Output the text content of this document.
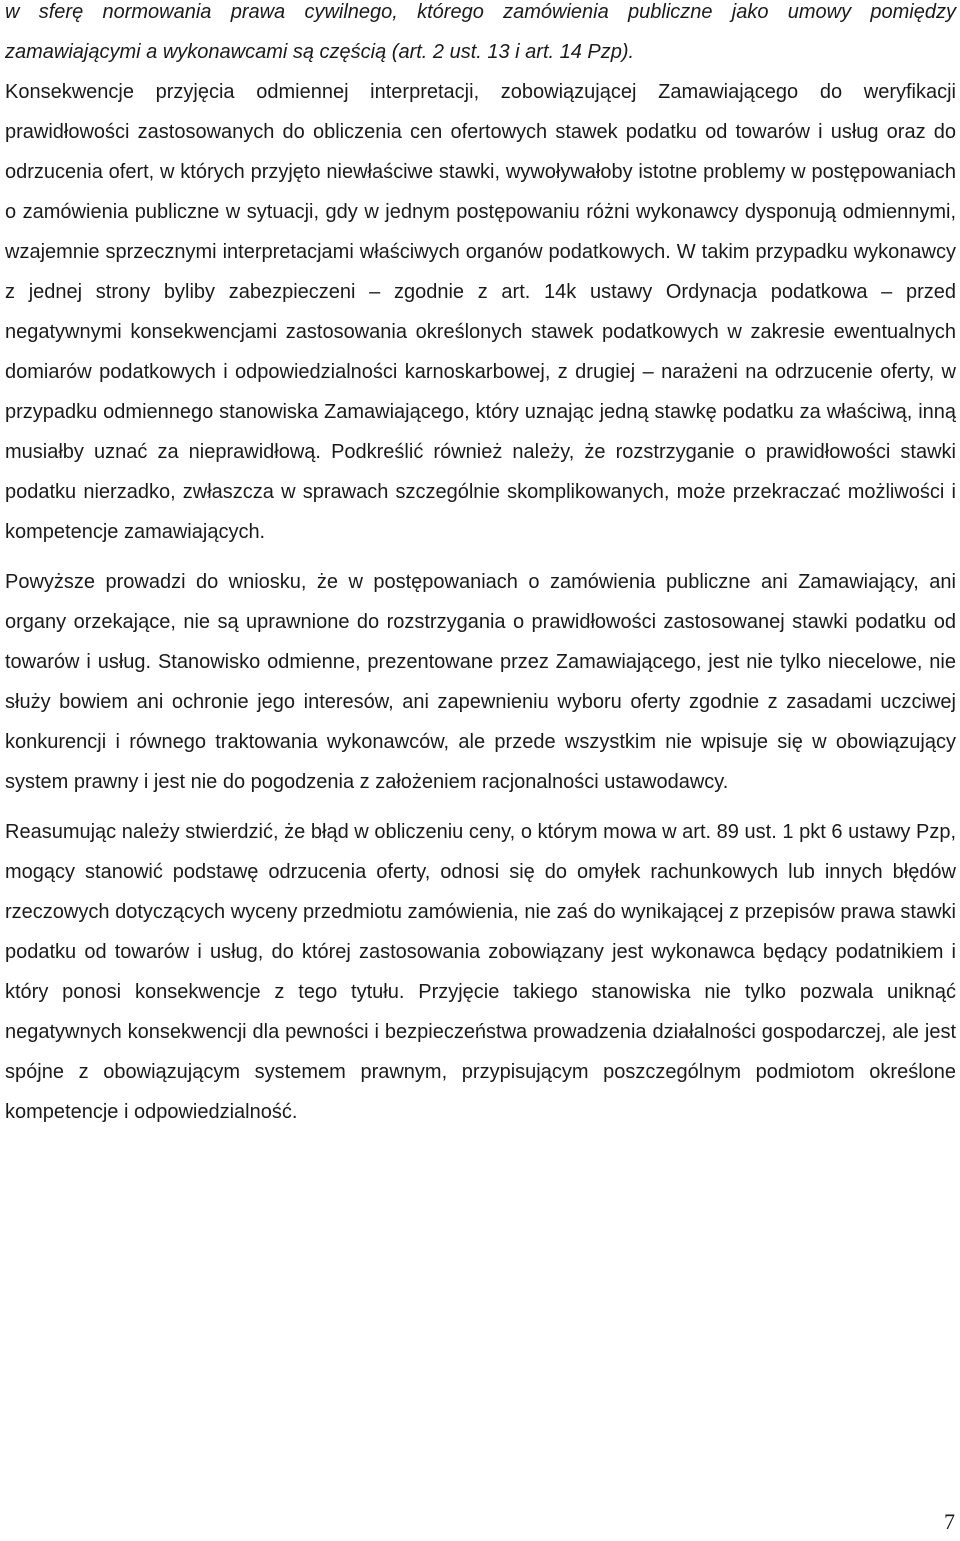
w sferę normowania prawa cywilnego, którego zamówienia publiczne jako umowy pomiędzy zamawiającymi a wykonawcami są częścią (art. 2 ust. 13 i art. 14 Pzp).

Konsekwencje przyjęcia odmiennej interpretacji, zobowiązującej Zamawiającego do weryfikacji prawidłowości zastosowanych do obliczenia cen ofertowych stawek podatku od towarów i usług oraz do odrzucenia ofert, w których przyjęto niewłaściwe stawki, wywoływałoby istotne problemy w postępowaniach o zamówienia publiczne w sytuacji, gdy w jednym postępowaniu różni wykonawcy dysponują odmiennymi, wzajemnie sprzecznymi interpretacjami właściwych organów podatkowych. W takim przypadku wykonawcy z jednej strony byliby zabezpieczeni – zgodnie z art. 14k ustawy Ordynacja podatkowa – przed negatywnymi konsekwencjami zastosowania określonych stawek podatkowych w zakresie ewentualnych domiarów podatkowych i odpowiedzialności karnoskarbowej, z drugiej – narażeni na odrzucenie oferty, w przypadku odmiennego stanowiska Zamawiającego, który uznając jedną stawkę podatku za właściwą, inną musiałby uznać za nieprawidłową. Podkreślić również należy, że rozstrzyganie o prawidłowości stawki podatku nierzadko, zwłaszcza w sprawach szczególnie skomplikowanych, może przekraczać możliwości i kompetencje zamawiających.

Powyższe prowadzi do wniosku, że w postępowaniach o zamówienia publiczne ani Zamawiający, ani organy orzekające, nie są uprawnione do rozstrzygania o prawidłowości zastosowanej stawki podatku od towarów i usług. Stanowisko odmienne, prezentowane przez Zamawiającego, jest nie tylko niecelowe, nie służy bowiem ani ochronie jego interesów, ani zapewnieniu wyboru oferty zgodnie z zasadami uczciwej konkurencji i równego traktowania wykonawców, ale przede wszystkim nie wpisuje się w obowiązujący system prawny i jest nie do pogodzenia z założeniem racjonalności ustawodawcy.

Reasumując należy stwierdzić, że błąd w obliczeniu ceny, o którym mowa w art. 89 ust. 1 pkt 6 ustawy Pzp, mogący stanowić podstawę odrzucenia oferty, odnosi się do omyłek rachunkowych lub innych błędów rzeczowych dotyczących wyceny przedmiotu zamówienia, nie zaś do wynikającej z przepisów prawa stawki podatku od towarów i usług, do której zastosowania zobowiązany jest wykonawca będący podatnikiem i który ponosi konsekwencje z tego tytułu. Przyjęcie takiego stanowiska nie tylko pozwala uniknąć negatywnych konsekwencji dla pewności i bezpieczeństwa prowadzenia działalności gospodarczej, ale jest spójne z obowiązującym systemem prawnym, przypisującym poszczególnym podmiotom określone kompetencje i odpowiedzialność.

7
